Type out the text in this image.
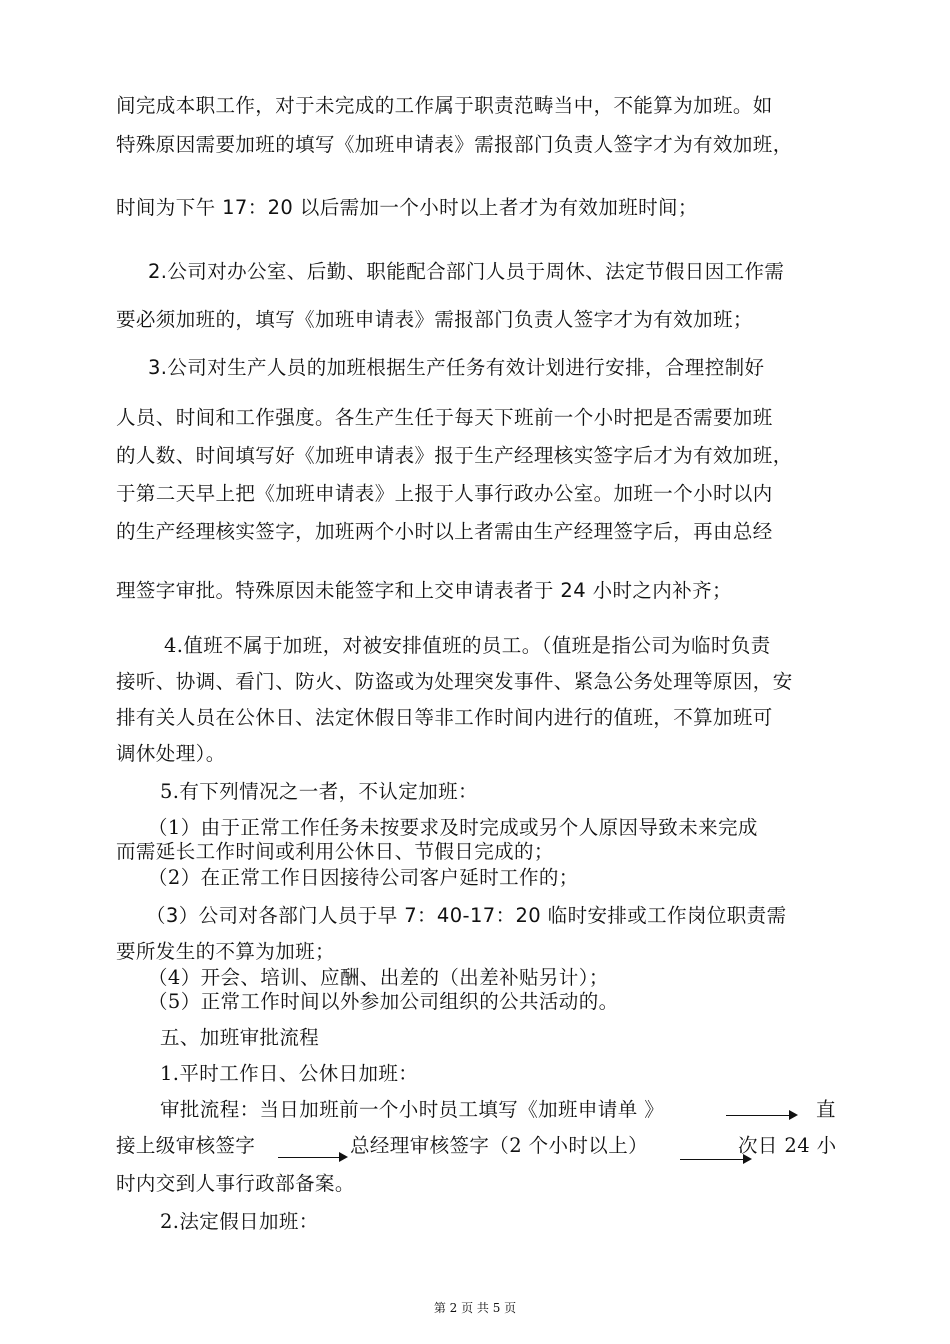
间完成本职工作，对于未完成的工作属于职责范畴当中，不能算为加班。如
特殊原因需要加班的填写《加班申请表》需报部门负责人签字才为有效加班，
时间为下午 17：20 以后需加一个小时以上者才为有效加班时间；
2.公司对办公室、后勤、职能配合部门人员于周休、法定节假日因工作需
要必须加班的，填写《加班申请表》需报部门负责人签字才为有效加班；
3.公司对生产人员的加班根据生产任务有效计划进行安排，合理控制好
人员、时间和工作强度。各生产生任于每天下班前一个小时把是否需要加班
的人数、时间填写好《加班申请表》报于生产经理核实签字后才为有效加班，
于第二天早上把《加班申请表》上报于人事行政办公室。加班一个小时以内
的生产经理核实签字，加班两个小时以上者需由生产经理签字后，再由总经
理签字审批。特殊原因未能签字和上交申请表者于 24 小时之内补齐；
4.值班不属于加班，对被安排值班的员工。（值班是指公司为临时负责
接听、协调、看门、防火、防盗或为处理突发事件、紧急公务处理等原因，安
排有关人员在公休日、法定休假日等非工作时间内进行的值班，不算加班可
调休处理）。
5.有下列情况之一者，不认定加班：
（1）由于正常工作任务未按要求及时完成或另个人原因导致未来完成
而需延长工作时间或利用公休日、节假日完成的；
（2）在正常工作日因接待公司客户延时工作的；
（3）公司对各部门人员于早 7：40-17：20 临时安排或工作岗位职责需
要所发生的不算为加班；
（4）开会、培训、应酬、出差的（出差补贴另计）；
（5）正常工作时间以外参加公司组织的公共活动的。
五、加班审批流程
1.平时工作日、公休日加班：
审批流程：当日加班前一个小时员工填写《加班申请单 》	直
接上级审核签字	总经理审核签字（2 个小时以上）	次日 24 小
时内交到人事行政部备案。
2.法定假日加班：
第 2 页 共 5 页
